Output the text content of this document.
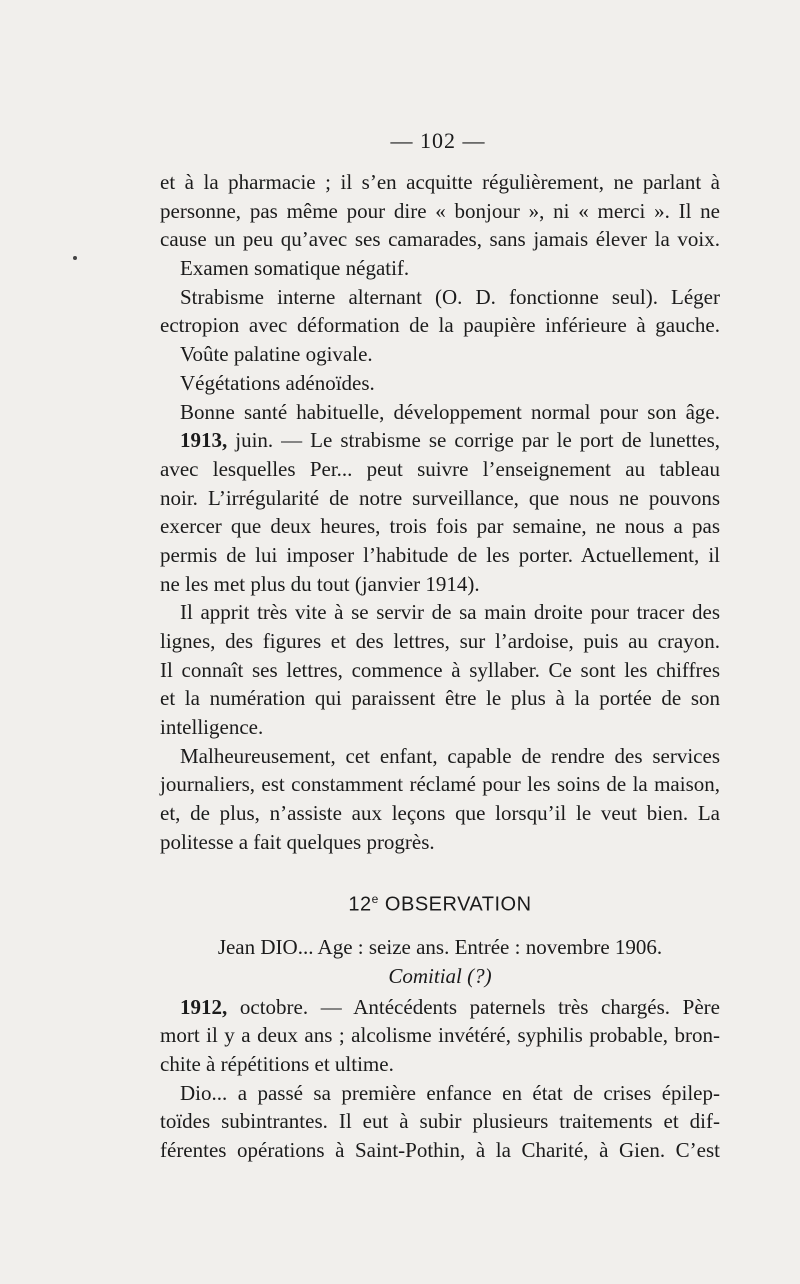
— 102 —
et à la pharmacie ; il s’en acquitte régulièrement, ne parlant à
personne, pas même pour dire « bonjour », ni « merci ». Il ne
cause un peu qu’avec ses camarades, sans jamais élever la voix.
Examen somatique négatif.
Strabisme interne alternant (O. D. fonctionne seul). Léger
ectropion avec déformation de la paupière inférieure à gauche.
Voûte palatine ogivale.
Végétations adénoïdes.
Bonne santé habituelle, développement normal pour son âge.
1913, juin. — Le strabisme se corrige par le port de lunettes,
avec lesquelles Per... peut suivre l’enseignement au tableau
noir. L’irrégularité de notre surveillance, que nous ne pouvons
exercer que deux heures, trois fois par semaine, ne nous a pas
permis de lui imposer l’habitude de les porter. Actuellement, il
ne les met plus du tout (janvier 1914).
Il apprit très vite à se servir de sa main droite pour tracer des
lignes, des figures et des lettres, sur l’ardoise, puis au crayon.
Il connaît ses lettres, commence à syllaber. Ce sont les chiffres
et la numération qui paraissent être le plus à la portée de son
intelligence.
Malheureusement, cet enfant, capable de rendre des services
journaliers, est constamment réclamé pour les soins de la maison,
et, de plus, n’assiste aux leçons que lorsqu’il le veut bien. La
politesse a fait quelques progrès.
12e OBSERVATION
Jean DIO... Age : seize ans. Entrée : novembre 1906.
Comitial (?)
1912, octobre. — Antécédents paternels très chargés. Père
mort il y a deux ans ; alcolisme invétéré, syphilis probable, bron-
chite à répétitions et ultime.
Dio... a passé sa première enfance en état de crises épilep-
toïdes subintrantes. Il eut à subir plusieurs traitements et dif-
férentes opérations à Saint-Pothin, à la Charité, à Gien. C’est
